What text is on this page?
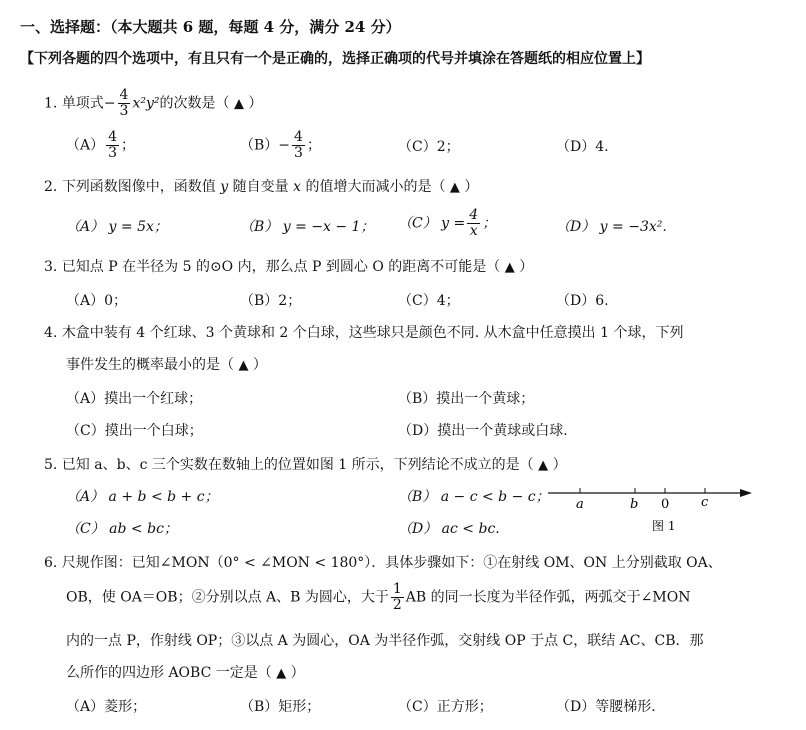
一、选择题：（本大题共 6 题，每题 4 分，满分 24 分）
【下列各题的四个选项中，有且只有一个是正确的，选择正确项的代号并填涂在答题纸的相应位置上】
1. 单项式− $\frac{4}{3} x^2y^2$的次数是（ ▲ ）
$(A) \frac{4}{3}$ ；	$(B)- \frac{4}{3}$ ；	（C）2；	（D）4.
2. 下列函数图像中，函数值 y 随自变量 x 的值增大而减小的是（ ▲ ）
（A） y = 5x；	（B） y = −x − 1； （C） $y = \frac{4}{x}$ ；	（D） y = −3x².
3. 已知点 P 在半径为 5 的⊙O 内，那么点 P 到圆心 O 的距离不可能是（ ▲ ）
（A）0；	（B）2；	（C）4；	（D）6.
4. 木盒中装有 4 个红球、3 个黄球和 2 个白球，这些球只是颜色不同. 从木盒中任意摸出 1 个球，下列
事件发生的概率最小的是（ ▲ ）
（A）摸出一个红球；	（B）摸出一个黄球；
（C）摸出一个白球；	（D）摸出一个黄球或白球.
5. 已知 a、b、c 三个实数在数轴上的位置如图 1 所示，下列结论不成立的是（ ▲ ）
（A） a + b < b + c；	（B） a − c < b − c；
（C） ab < bc；	（D） ac < bc.
a	b 0 c
图 1
6. 尺规作图：已知∠MON（0° < ∠MON < 180°）．具体步骤如下：①在射线 OM、ON 上分别截取 OA、
OB，使 OA＝OB；②分别以点 A、B 为圆心，大于 $\frac{1}{2}$ AB 的同一长度为半径作弧，两弧交于∠MON
内的一点 P，作射线 OP；③以点 A 为圆心，OA 为半径作弧，交射线 OP 于点 C，联结 AC、CB．那
么所作的四边形 AOBC 一定是（ ▲ ）
（A）菱形；	（B）矩形；	（C）正方形；	（D）等腰梯形.
